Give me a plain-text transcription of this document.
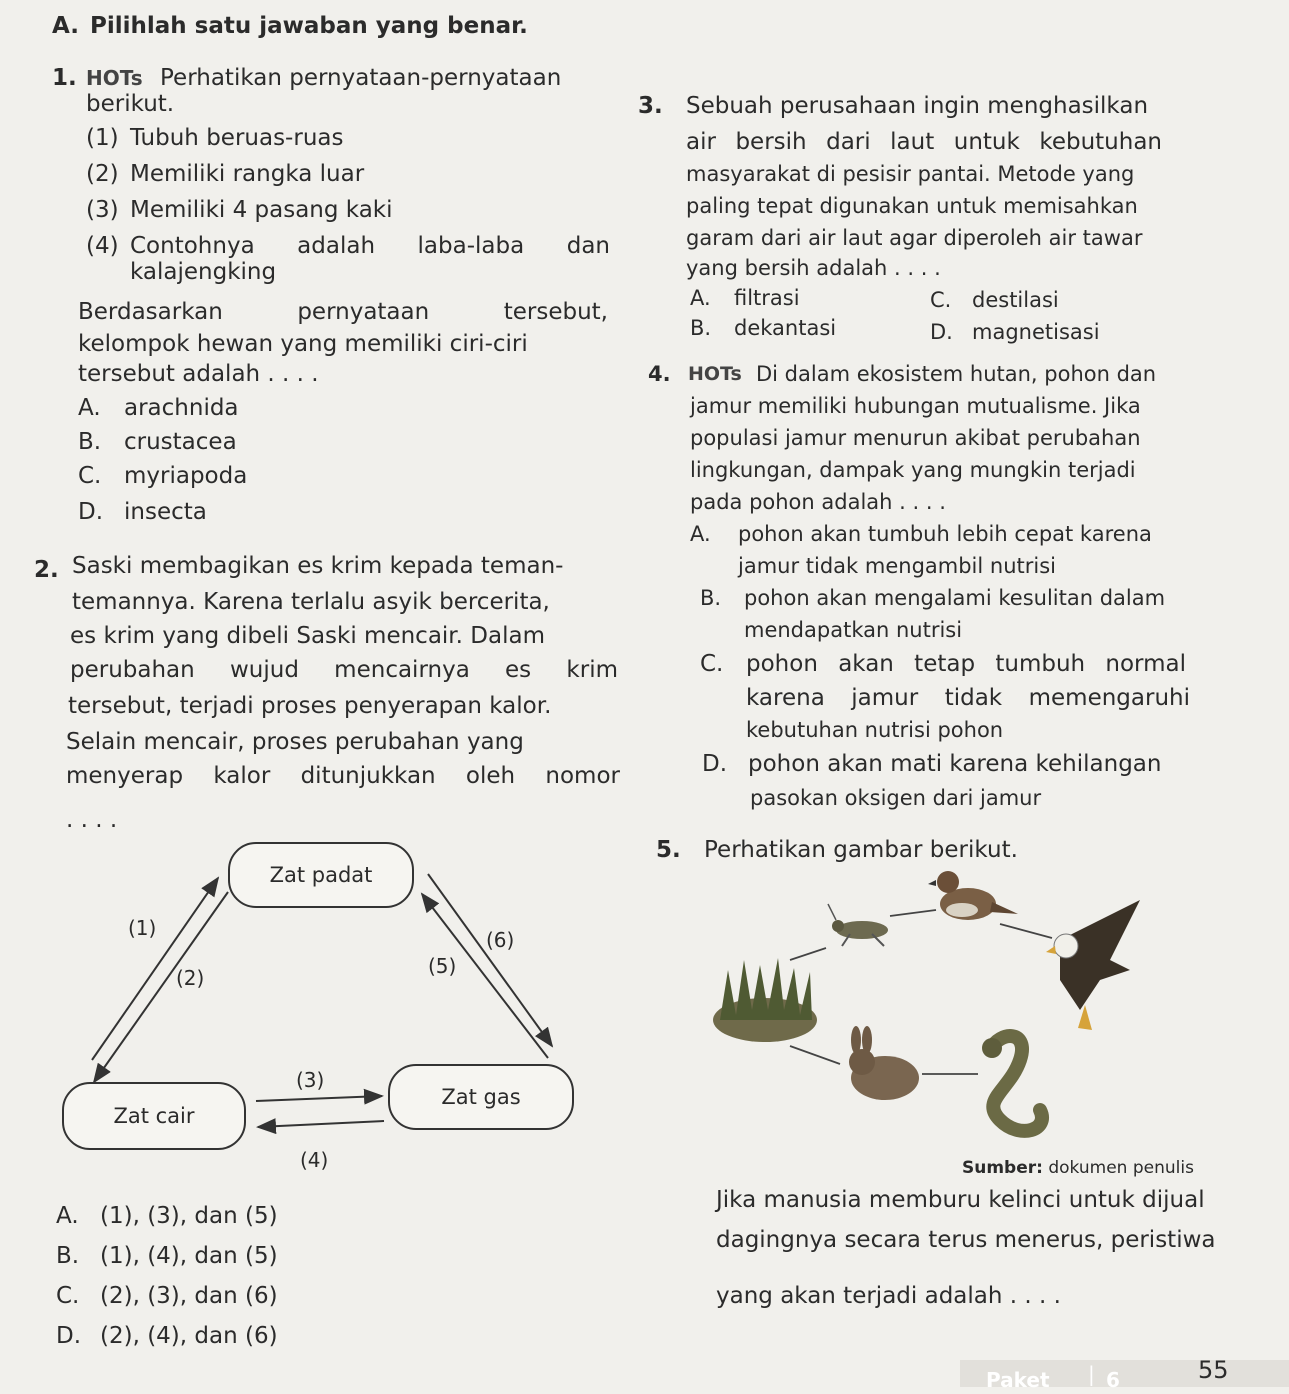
A. Pilihlah satu jawaban yang benar.
1. HOTs Perhatikan pernyataan-pernyataan
berikut.
(1) Tubuh beruas-ruas
(2) Memiliki rangka luar
(3) Memiliki 4 pasang kaki
(4) Contohnya adalah laba-laba dan
kalajengking
Berdasarkan pernyataan tersebut,
kelompok hewan yang memiliki ciri-ciri
tersebut adalah . . . .
A. arachnida
B. crustacea
C. myriapoda
D. insecta
2. Saski membagikan es krim kepada teman-
temannya. Karena terlalu asyik bercerita,
es krim yang dibeli Saski mencair. Dalam
perubahan wujud mencairnya es krim
tersebut, terjadi proses penyerapan kalor.
Selain mencair, proses perubahan yang
menyerap kalor ditunjukkan oleh nomor
. . . .
Zat padat
Zat cair
Zat gas
(1)
(2)
(3)
(4)
(5)
(6)
A. (1), (3), dan (5)
B. (1), (4), dan (5)
C. (2), (3), dan (6)
D. (2), (4), dan (6)
3. Sebuah perusahaan ingin menghasilkan
air bersih dari laut untuk kebutuhan
masyarakat di pesisir pantai. Metode yang
paling tepat digunakan untuk memisahkan
garam dari air laut agar diperoleh air tawar
yang bersih adalah . . . .
A. filtrasi
B. dekantasi
C. destilasi
D. magnetisasi
4. HOTs Di dalam ekosistem hutan, pohon dan
jamur memiliki hubungan mutualisme. Jika
populasi jamur menurun akibat perubahan
lingkungan, dampak yang mungkin terjadi
pada pohon adalah . . . .
A. pohon akan tumbuh lebih cepat karena
jamur tidak mengambil nutrisi
B. pohon akan mengalami kesulitan dalam
mendapatkan nutrisi
C. pohon akan tetap tumbuh normal
karena jamur tidak memengaruhi
kebutuhan nutrisi pohon
D. pohon akan mati karena kehilangan
pasokan oksigen dari jamur
5. Perhatikan gambar berikut.
Sumber: dokumen penulis
Jika manusia memburu kelinci untuk dijual
dagingnya secara terus menerus, peristiwa
yang akan terjadi adalah . . . .
Paket | 6	55
